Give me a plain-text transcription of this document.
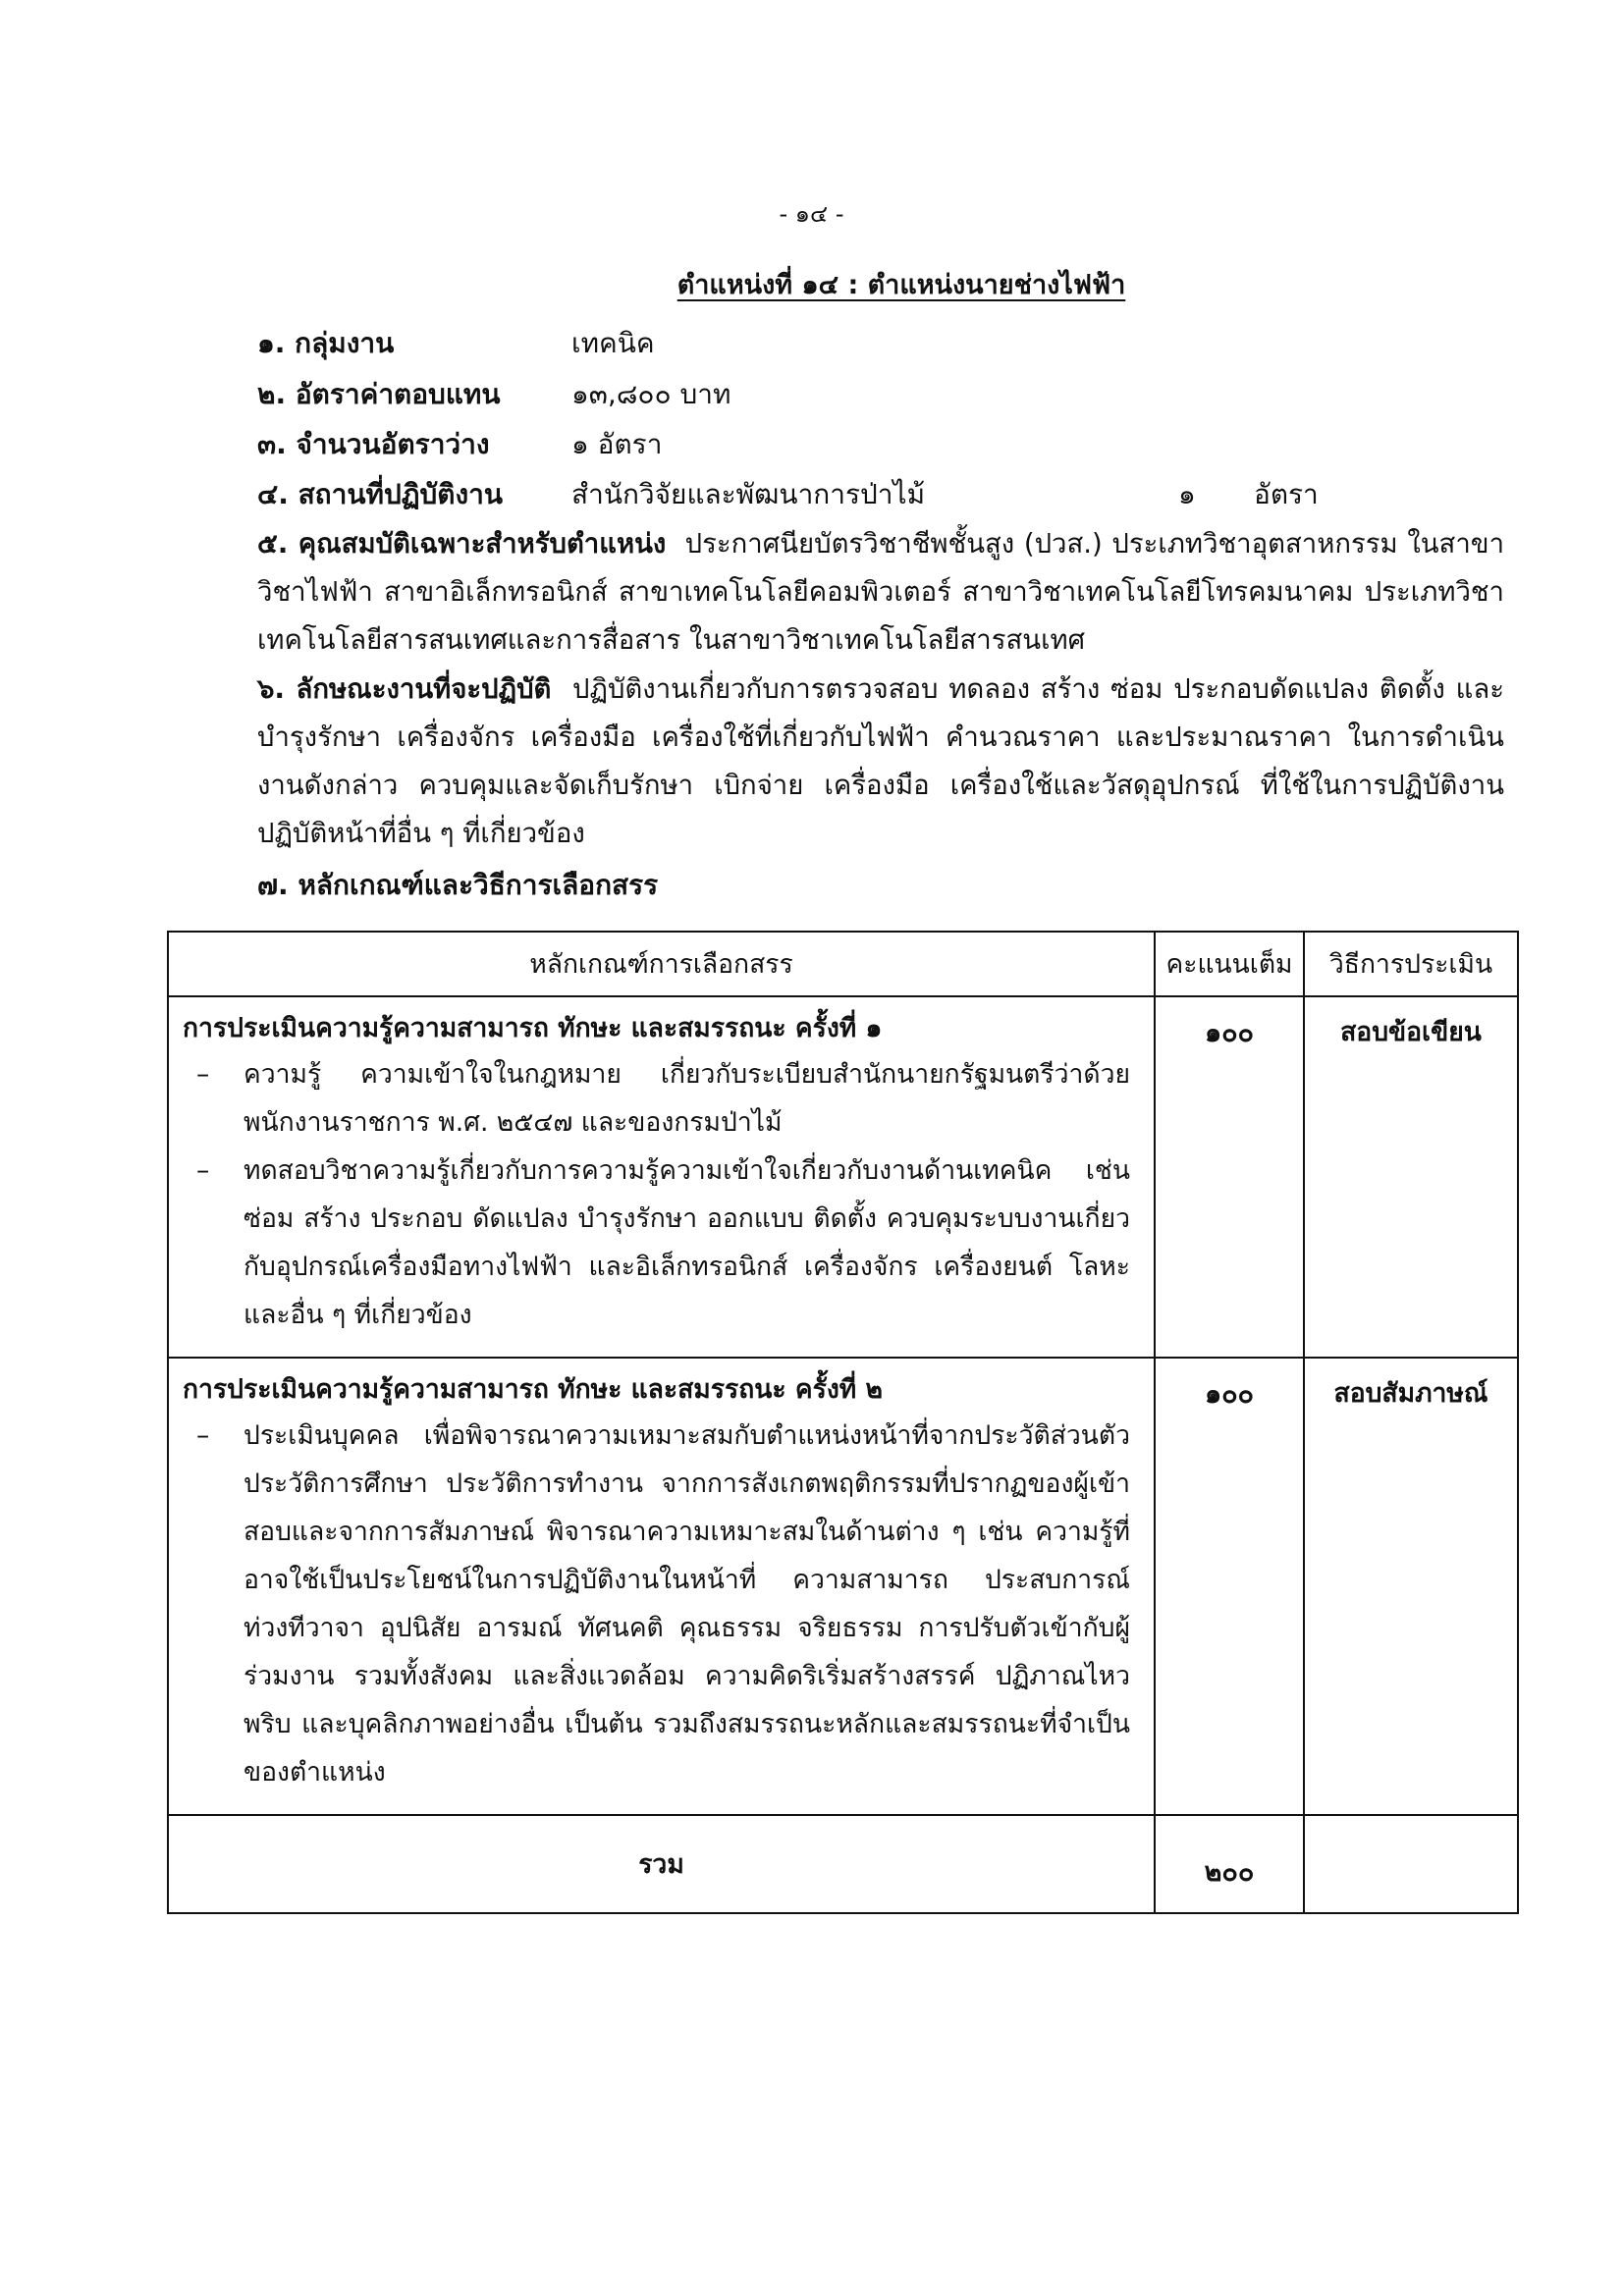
- ๑๔ -
ตำแหน่งที่ ๑๔ : ตำแหน่งนายช่างไฟฟ้า
๑. กลุ่มงาน	เทคนิค
๒. อัตราค่าตอบแทน	๑๓,๘๐๐ บาท
๓. จำนวนอัตราว่าง	๑ อัตรา
๔. สถานที่ปฏิบัติงาน สำนักวิจัยและพัฒนาการป่าไม้	๑ อัตรา
๕. คุณสมบัติเฉพาะสำหรับตำแหน่ง ประกาศนียบัตรวิชาชีพชั้นสูง (ปวส.) ประเภทวิชาอุตสาหกรรม ในสาขาวิชาไฟฟ้า สาขาอิเล็กทรอนิกส์ สาขาเทคโนโลยีคอมพิวเตอร์ สาขาวิชาเทคโนโลยีโทรคมนาคม ประเภทวิชาเทคโนโลยีสารสนเทศและการสื่อสาร ในสาขาวิชาเทคโนโลยีสารสนเทศ
๖. ลักษณะงานที่จะปฏิบัติ ปฏิบัติงานเกี่ยวกับการตรวจสอบ ทดลอง สร้าง ซ่อม ประกอบดัดแปลง ติดตั้ง และบำรุงรักษา เครื่องจักร เครื่องมือ เครื่องใช้ที่เกี่ยวกับไฟฟ้า คำนวณราคา และประมาณราคา ในการดำเนินงานดังกล่าว ควบคุมและจัดเก็บรักษา เบิกจ่าย เครื่องมือ เครื่องใช้และวัสดุอุปกรณ์ ที่ใช้ในการปฏิบัติงาน ปฏิบัติหน้าที่อื่น ๆ ที่เกี่ยวข้อง
๗. หลักเกณฑ์และวิธีการเลือกสรร
หลักเกณฑ์การเลือกสรร	คะแนนเต็ม	วิธีการประเมิน

การประเมินความรู้ความสามารถ ทักษะ และสมรรถนะ ครั้งที่ ๑
– ความรู้ ความเข้าใจในกฎหมาย เกี่ยวกับระเบียบสำนักนายกรัฐมนตรีว่าด้วยพนักงานราชการ พ.ศ. ๒๕๔๗ และของกรมป่าไม้
– ทดสอบวิชาความรู้เกี่ยวกับการความรู้ความเข้าใจเกี่ยวกับงานด้านเทคนิค เช่น ซ่อม สร้าง ประกอบ ดัดแปลง บำรุงรักษา ออกแบบ ติดตั้ง ควบคุมระบบงานเกี่ยวกับอุปกรณ์เครื่องมือทางไฟฟ้า และอิเล็กทรอนิกส์ เครื่องจักร เครื่องยนต์ โลหะ และอื่น ๆ ที่เกี่ยวข้อง	๑๐๐	สอบข้อเขียน

การประเมินความรู้ความสามารถ ทักษะ และสมรรถนะ ครั้งที่ ๒
– ประเมินบุคคล เพื่อพิจารณาความเหมาะสมกับตำแหน่งหน้าที่จากประวัติส่วนตัวประวัติการศึกษา ประวัติการทำงาน จากการสังเกตพฤติกรรมที่ปรากฏของผู้เข้าสอบและจากการสัมภาษณ์ พิจารณาความเหมาะสมในด้านต่าง ๆ เช่น ความรู้ที่อาจใช้เป็นประโยชน์ในการปฏิบัติงานในหน้าที่ ความสามารถ ประสบการณ์ ท่วงทีวาจา อุปนิสัย อารมณ์ ทัศนคติ คุณธรรม จริยธรรม การปรับตัวเข้ากับผู้ร่วมงาน รวมทั้งสังคม และสิ่งแวดล้อม ความคิดริเริ่มสร้างสรรค์ ปฏิภาณไหวพริบ และบุคลิกภาพอย่างอื่น เป็นต้น รวมถึงสมรรถนะหลักและสมรรถนะที่จำเป็นของตำแหน่ง	๑๐๐	สอบสัมภาษณ์
รวม	๒๐๐	
